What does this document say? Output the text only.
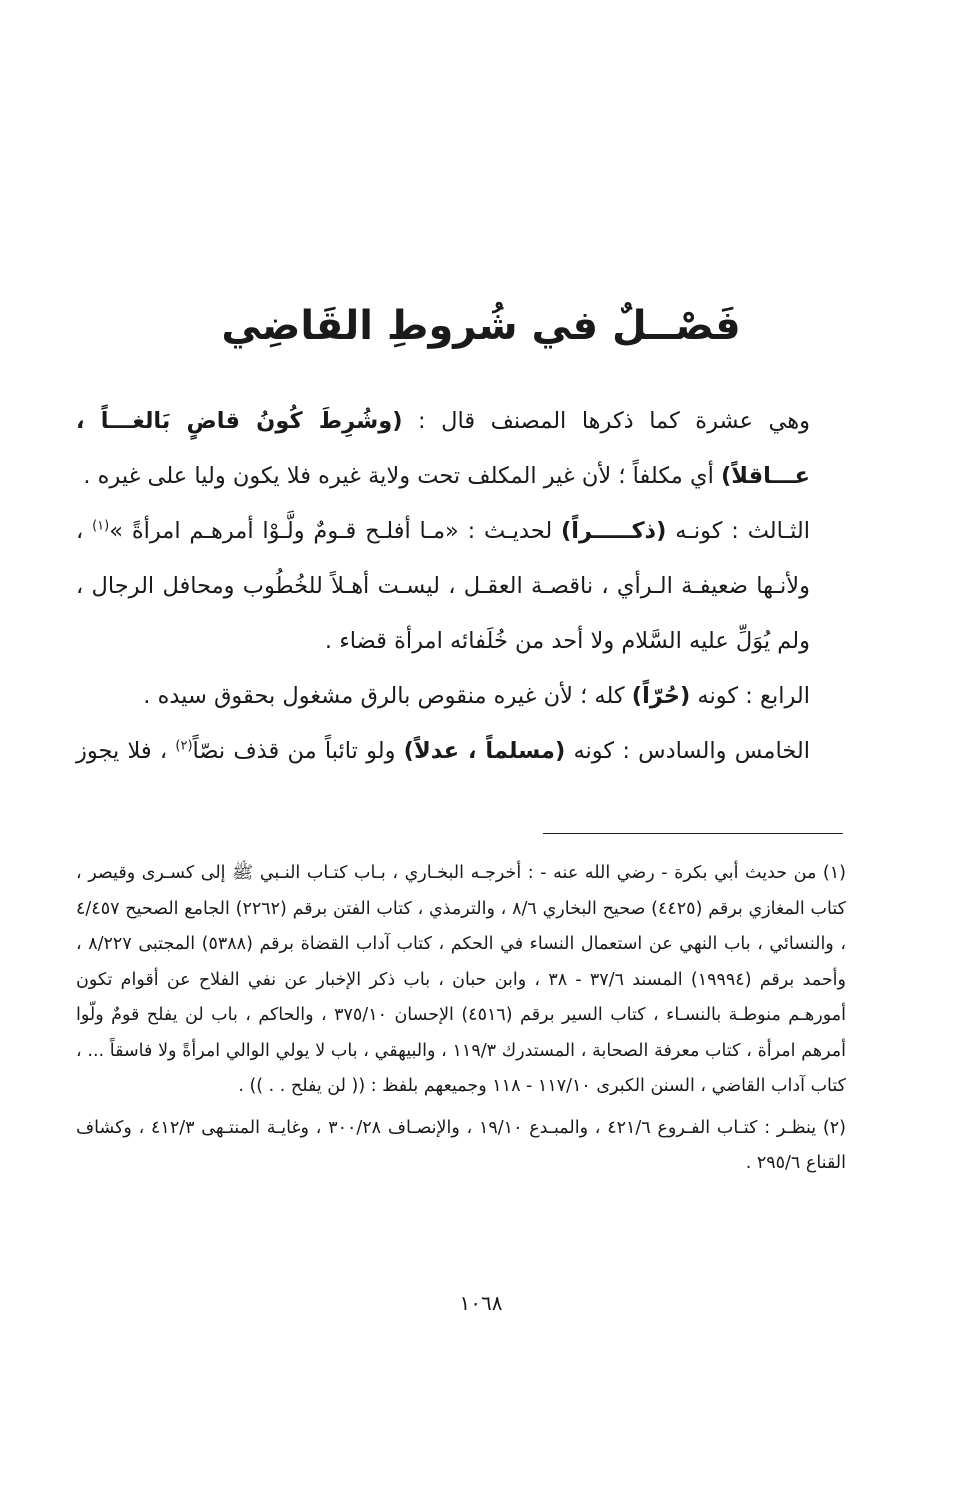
فَصْــلٌ في شُروطِ القَاضِي

وهي عشرة كما ذكرها المصنف قال : (وشُرِطَ كُونُ قاضٍ بَالغـــاً ، عـــاقلاً) أي مكلفاً ؛ لأن غير المكلف تحت ولاية غيره فلا يكون وليا على غيره .

الثـالث : كونـه (ذكـــــراً) لحديـث : «مـا أفلـح قـومٌ ولَّـوْا أمرهـم امرأةً »$^{(١)}$ ، ولأنـها ضعيفـة الـرأي ، ناقصـة العقـل ، ليسـت أهـلاً للخُطُوب ومحافل الرجال ، ولم يُوَلِّ عليه السَّلام ولا أحد من خُلَفائه امرأة قضاء .

الرابع : كونه (حُرّاً) كله ؛ لأن غيره منقوص بالرق مشغول بحقوق سيده .

الخامس والسادس : كونه (مسلماً ، عدلاً) ولو تائباً من قذف نصّاً$^{(٢)}$ ، فلا يجوز

(١) من حديث أبي بكرة - رضي الله عنه - : أخرجـه البخـاري ، بـاب كتـاب النـبي ﷺ إلى كسـرى وقيصر ، كتاب المغازي برقم (٤٤٢٥) صحيح البخاري ٨/٦ ، والترمذي ، كتاب الفتن برقم (٢٢٦٢) الجامع الصحيح ٤/٤٥٧ ، والنسائي ، باب النهي عن استعمال النساء في الحكم ، كتاب آداب القضاة برقم (٥٣٨٨) المجتبى ٨/٢٢٧ ، وأحمد برقم (١٩٩٩٤) المسند ٣٧/٦ - ٣٨ ، وابن حبان ، باب ذكر الإخبار عن نفي الفلاح عن أقوام تكون أمورهـم منوطـة بالنسـاء ، كتاب السير برقم (٤٥١٦) الإحسان ٣٧٥/١٠ ، والحاكم ، باب لن يفلح قومٌ ولّوا أمرهم امرأة ، كتاب معرفة الصحابة ، المستدرك ١١٩/٣ ، والبيهقي ، باب لا يولي الوالي امرأةً ولا فاسقاً ... ، كتاب آداب القاضي ، السنن الكبرى ١١٧/١٠ - ١١٨ وجميعهم بلفظ : (( لن يفلح . . )) .

(٢) ينظـر : كتـاب الفـروع ٤٢١/٦ ، والمبـدع ١٩/١٠ ، والإنصـاف ٣٠٠/٢٨ ، وغايـة المنتـهى ٤١٢/٣ ، وكشاف القناع ٢٩٥/٦ .

١٠٦٨
